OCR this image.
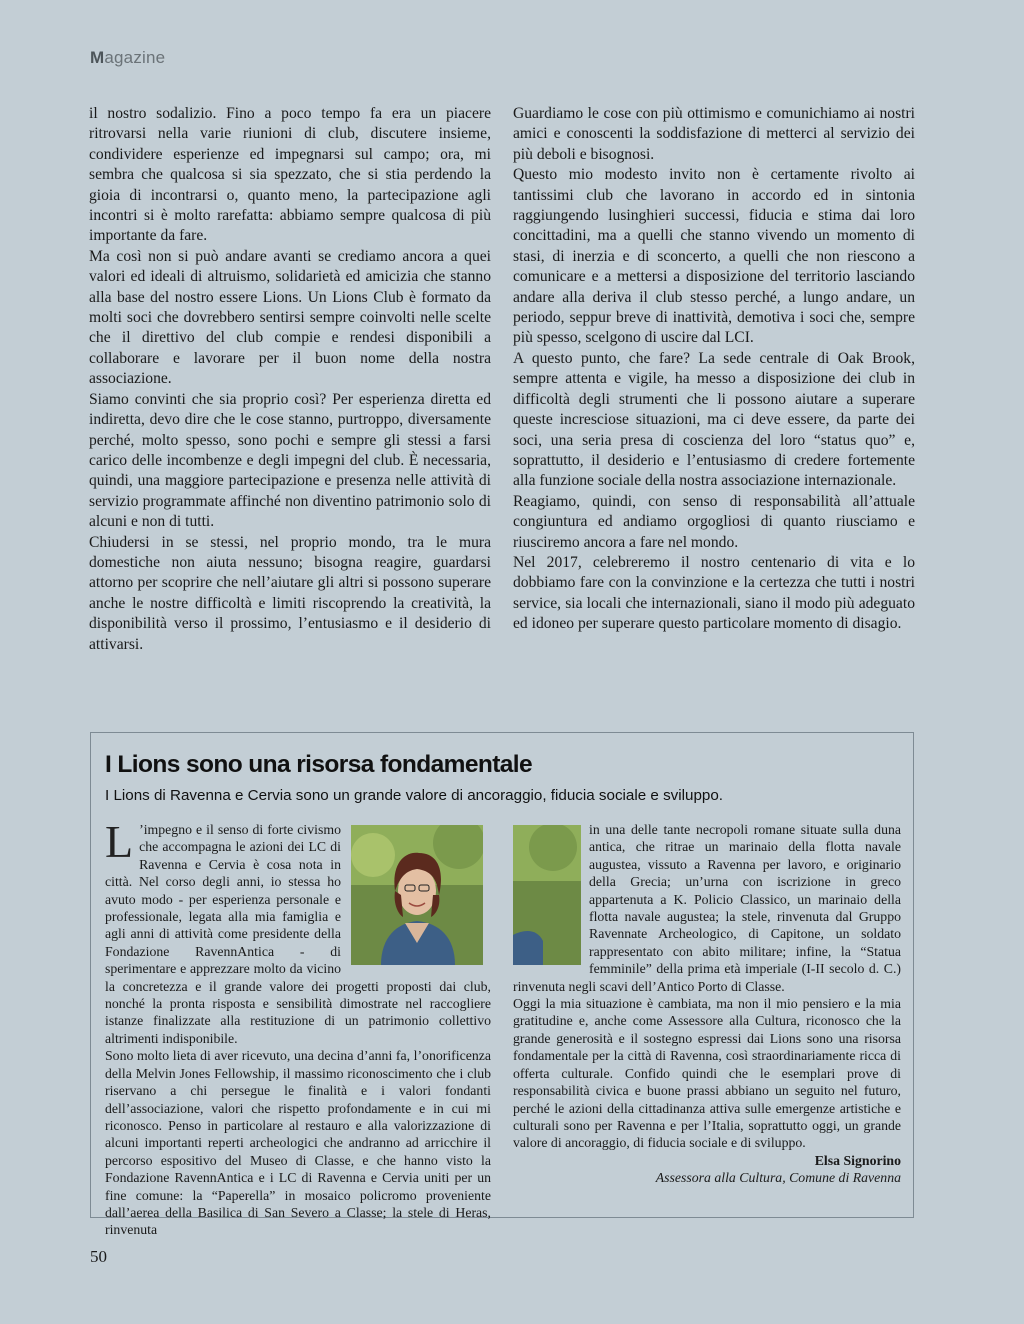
Magazine

il nostro sodalizio. Fino a poco tempo fa era un piacere ritrovarsi nella varie riunioni di club, discutere insieme, condividere esperienze ed impegnarsi sul campo; ora, mi sembra che qualcosa si sia spezzato, che si stia perdendo la gioia di incontrarsi o, quanto meno, la partecipazione agli incontri si è molto rarefatta: abbiamo sempre qualcosa di più importante da fare.

Ma così non si può andare avanti se crediamo ancora a quei valori ed ideali di altruismo, solidarietà ed amicizia che stanno alla base del nostro essere Lions. Un Lions Club è formato da molti soci che dovrebbero sentirsi sempre coinvolti nelle scelte che il direttivo del club compie e rendesi disponibili a collaborare e lavorare per il buon nome della nostra associazione.

Siamo convinti che sia proprio così? Per esperienza diretta ed indiretta, devo dire che le cose stanno, purtroppo, diversamente perché, molto spesso, sono pochi e sempre gli stessi a farsi carico delle incombenze e degli impegni del club. È necessaria, quindi, una maggiore partecipazione e presenza nelle attività di servizio programmate affinché non diventino patrimonio solo di alcuni e non di tutti.

Chiudersi in se stessi, nel proprio mondo, tra le mura domestiche non aiuta nessuno; bisogna reagire, guardarsi attorno per scoprire che nell’aiutare gli altri si possono superare anche le nostre difficoltà e limiti riscoprendo la creatività, la disponibilità verso il prossimo, l’entusiasmo e il desiderio di attivarsi.

Guardiamo le cose con più ottimismo e comunichiamo ai nostri amici e conoscenti la soddisfazione di metterci al servizio dei più deboli e bisognosi.

Questo mio modesto invito non è certamente rivolto ai tantissimi club che lavorano in accordo ed in sintonia raggiungendo lusinghieri successi, fiducia e stima dai loro concittadini, ma a quelli che stanno vivendo un momento di stasi, di inerzia e di sconcerto, a quelli che non riescono a comunicare e a mettersi a disposizione del territorio lasciando andare alla deriva il club stesso perché, a lungo andare, un periodo, seppur breve di inattività, demotiva i soci che, sempre più spesso, scelgono di uscire dal LCI.

A questo punto, che fare? La sede centrale di Oak Brook, sempre attenta e vigile, ha messo a disposizione dei club in difficoltà degli strumenti che li possono aiutare a superare queste incresciose situazioni, ma ci deve essere, da parte dei soci, una seria presa di coscienza del loro “status quo” e, soprattutto, il desiderio e l’entusiasmo di credere fortemente alla funzione sociale della nostra associazione internazionale.

Reagiamo, quindi, con senso di responsabilità all’attuale congiuntura ed andiamo orgogliosi di quanto riusciamo e riusciremo ancora a fare nel mondo.

Nel 2017, celebreremo il nostro centenario di vita e lo dobbiamo fare con la convinzione e la certezza che tutti i nostri service, sia locali che internazionali, siano il modo più adeguato ed idoneo per superare questo particolare momento di disagio.

I Lions sono una risorsa fondamentale

I Lions di Ravenna e Cervia sono un grande valore di ancoraggio, fiducia sociale e sviluppo.

L ’impegno e il senso di forte civismo che accompagna le azioni dei LC di Ravenna e Cervia è cosa nota in città. Nel corso degli anni, io stessa ho avuto modo - per esperienza personale e professionale, legata alla mia famiglia e agli anni di attività come presidente della Fondazione RavennAntica - di sperimentare e apprezzare molto da vicino la concretezza e il grande valore dei progetti proposti dai club, nonché la pronta risposta e sensibilità dimostrate nel raccogliere istanze finalizzate alla restituzione di un patrimonio collettivo altrimenti indisponibile.

Sono molto lieta di aver ricevuto, una decina d’anni fa, l’onorificenza della Melvin Jones Fellowship, il massimo riconoscimento che i club riservano a chi persegue le finalità e i valori fondanti dell’associazione, valori che rispetto profondamente e in cui mi riconosco. Penso in particolare al restauro e alla valorizzazione di alcuni importanti reperti archeologici che andranno ad arricchire il percorso espositivo del Museo di Classe, e che hanno visto la Fondazione RavennAntica e i LC di Ravenna e Cervia uniti per un fine comune: la “Paperella” in mosaico policromo proveniente dall’aerea della Basilica di San Severo a Classe; la stele di Heras, rinvenuta

in una delle tante necropoli romane situate sulla duna antica, che ritrae un marinaio della flotta navale augustea, vissuto a Ravenna per lavoro, e originario della Grecia; un’urna con iscrizione in greco appartenuta a K. Policio Classico, un marinaio della flotta navale augustea; la stele, rinvenuta dal Gruppo Ravennate Archeologico, di Capitone, un soldato rappresentato con abito militare; infine, la “Statua femminile” della prima età imperiale (I-II secolo d. C.) rinvenuta negli scavi dell’Antico Porto di Classe.

Oggi la mia situazione è cambiata, ma non il mio pensiero e la mia gratitudine e, anche come Assessore alla Cultura, riconosco che la grande generosità e il sostegno espressi dai Lions sono una risorsa fondamentale per la città di Ravenna, così straordinariamente ricca di offerta culturale. Confido quindi che le esemplari prove di responsabilità civica e buone prassi abbiano un seguito nel futuro, perché le azioni della cittadinanza attiva sulle emergenze artistiche e culturali sono per Ravenna e per l’Italia, soprattutto oggi, un grande valore di ancoraggio, di fiducia sociale e di sviluppo.

Elsa Signorino

Assessora alla Cultura, Comune di Ravenna

50
